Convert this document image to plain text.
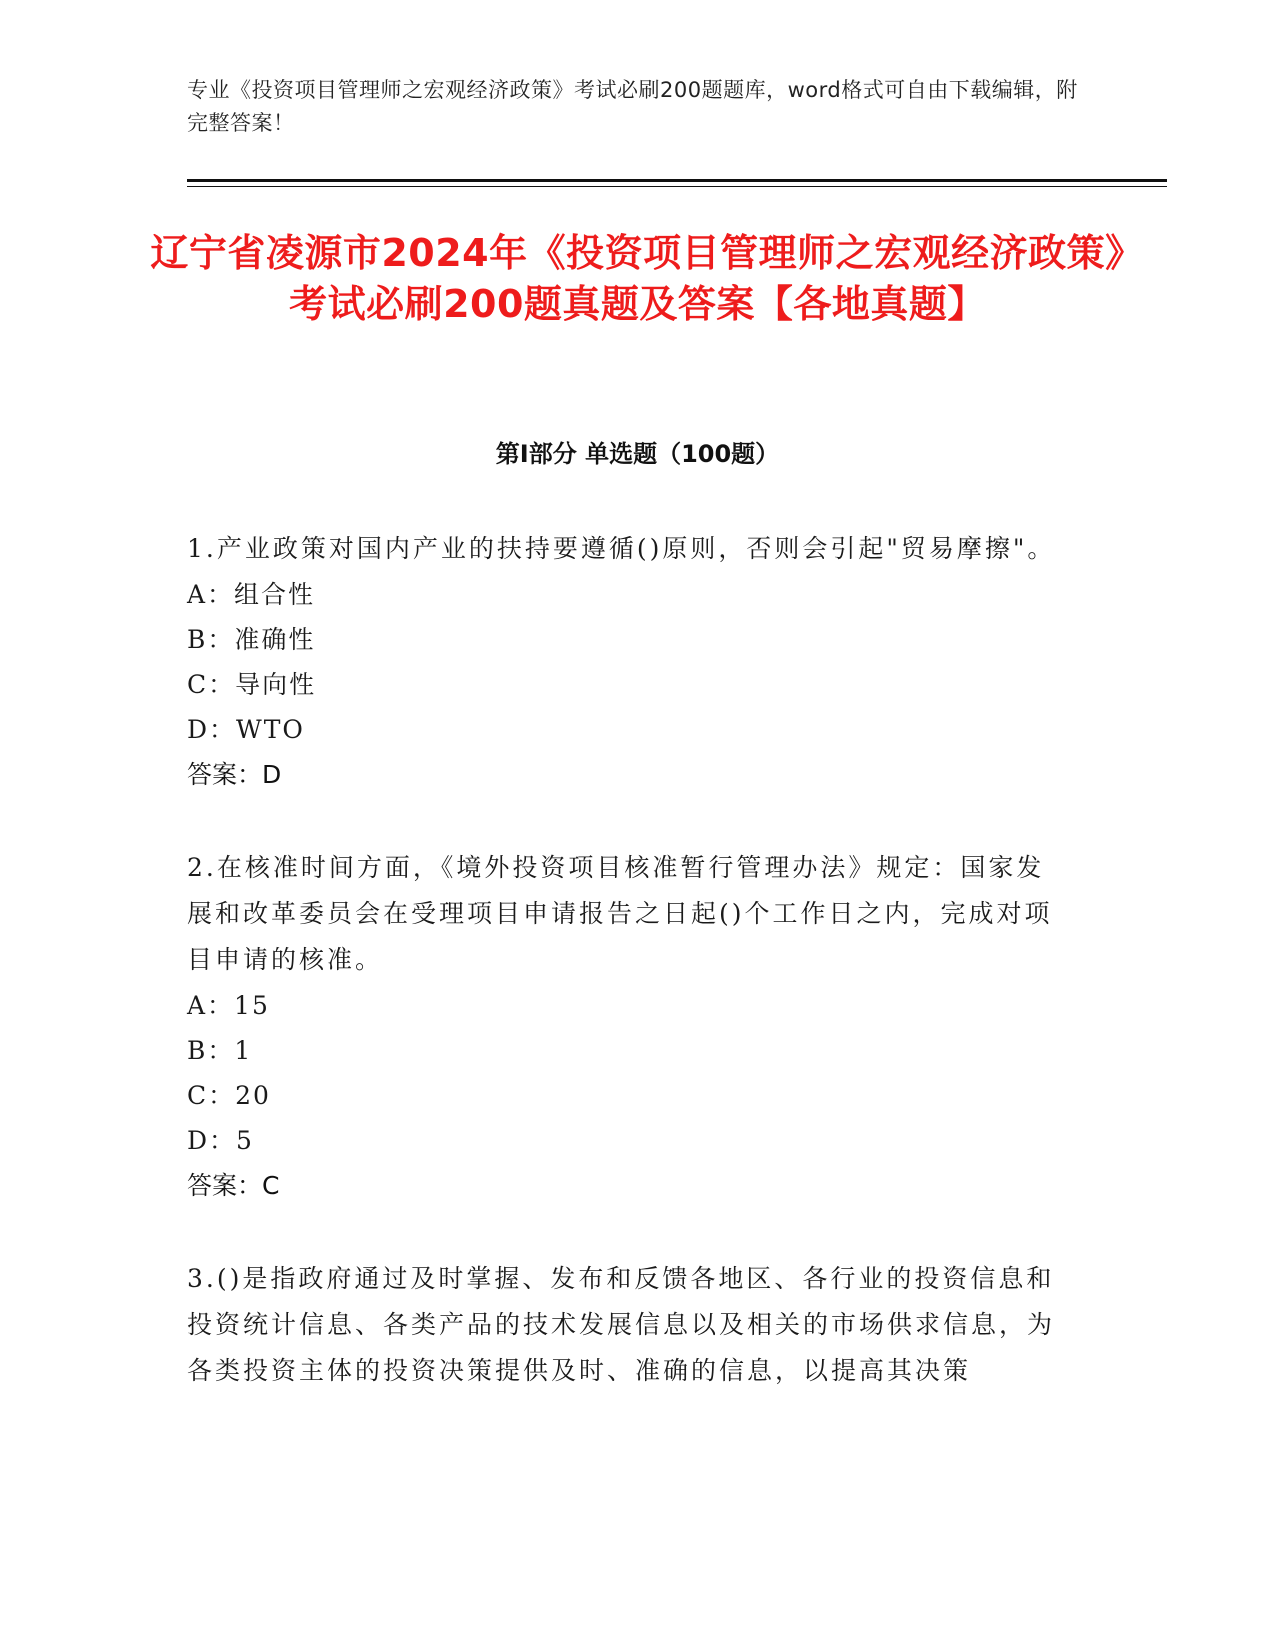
专业《投资项目管理师之宏观经济政策》考试必刷200题题库，word格式可自由下载编辑，附完整答案！
辽宁省凌源市2024年《投资项目管理师之宏观经济政策》考试必刷200题真题及答案【各地真题】
第Ⅰ部分 单选题（100题）
1.产业政策对国内产业的扶持要遵循()原则，否则会引起"贸易摩擦"。
A：组合性
B：准确性
C：导向性
D：WTO
答案：D
2.在核准时间方面，《境外投资项目核准暂行管理办法》规定：国家发展和改革委员会在受理项目申请报告之日起()个工作日之内，完成对项目申请的核准。
A：15
B：1
C：20
D：5
答案：C
3.()是指政府通过及时掌握、发布和反馈各地区、各行业的投资信息和投资统计信息、各类产品的技术发展信息以及相关的市场供求信息，为各类投资主体的投资决策提供及时、准确的信息，以提高其决策
